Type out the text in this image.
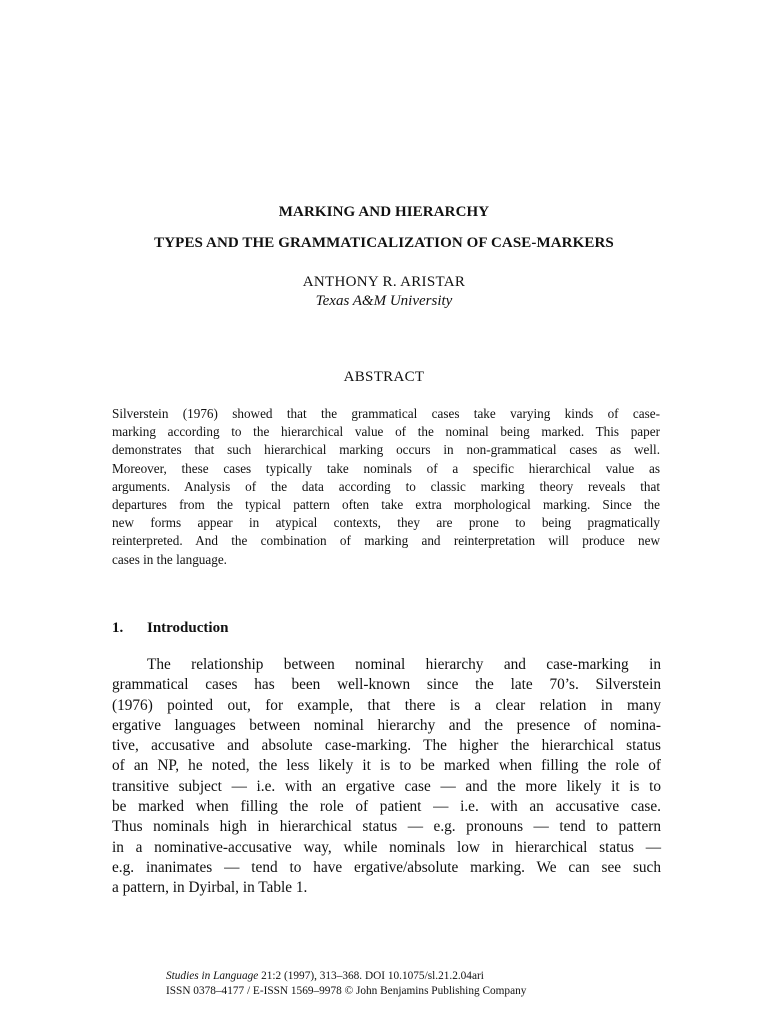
MARKING AND HIERARCHY
TYPES AND THE GRAMMATICALIZATION OF CASE-MARKERS
ANTHONY R. ARISTAR
Texas A&M University
ABSTRACT
Silverstein (1976) showed that the grammatical cases take varying kinds of case-
marking according to the hierarchical value of the nominal being marked. This paper
demonstrates that such hierarchical marking occurs in non-grammatical cases as well.
Moreover, these cases typically take nominals of a specific hierarchical value as
arguments. Analysis of the data according to classic marking theory reveals that
departures from the typical pattern often take extra morphological marking. Since the
new forms appear in atypical contexts, they are prone to being pragmatically
reinterpreted. And the combination of marking and reinterpretation will produce new
cases in the language.
1. Introduction
The relationship between nominal hierarchy and case-marking in
grammatical cases has been well-known since the late 70’s. Silverstein
(1976) pointed out, for example, that there is a clear relation in many
ergative languages between nominal hierarchy and the presence of nomina-
tive, accusative and absolute case-marking. The higher the hierarchical status
of an NP, he noted, the less likely it is to be marked when filling the role of
transitive subject — i.e. with an ergative case — and the more likely it is to
be marked when filling the role of patient — i.e. with an accusative case.
Thus nominals high in hierarchical status — e.g. pronouns — tend to pattern
in a nominative-accusative way, while nominals low in hierarchical status —
e.g. inanimates — tend to have ergative/absolute marking. We can see such
a pattern, in Dyirbal, in Table 1.
Studies in Language 21:2 (1997), 313–368. DOI 10.1075/sl.21.2.04ari
ISSN 0378–4177 / E-ISSN 1569–9978 © John Benjamins Publishing Company
